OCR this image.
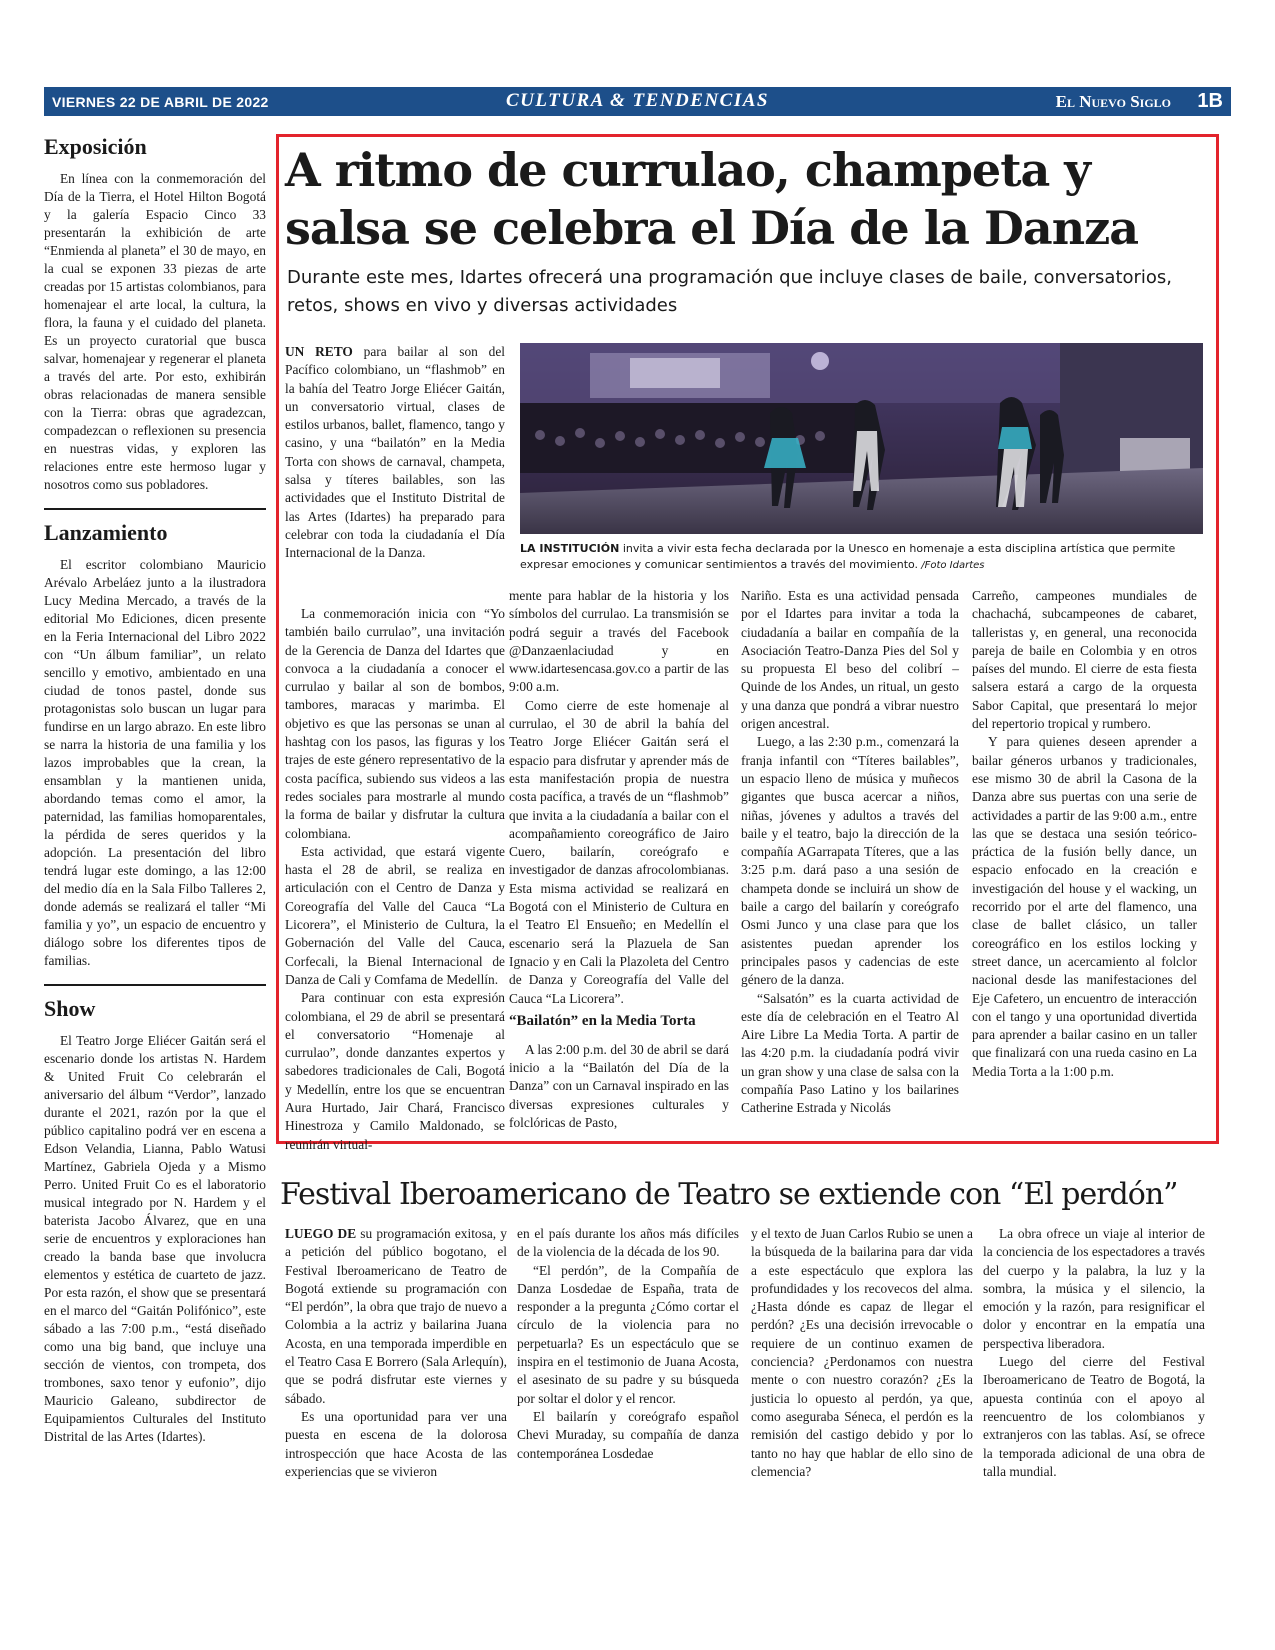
VIERNES 22 DE ABRIL DE 2022	CULTURA & TENDENCIAS	El Nuevo Siglo 1B
Exposición

En línea con la conmemoración del Día de la Tierra, el Hotel Hilton Bogotá y la galería Espacio Cinco 33 presentarán la exhibición de arte “Enmienda al planeta” el 30 de mayo, en la cual se exponen 33 piezas de arte creadas por 15 artistas colombianos, para homenajear el arte local, la cultura, la flora, la fauna y el cuidado del planeta. Es un proyecto curatorial que busca salvar, homenajear y regenerar el planeta a través del arte. Por esto, exhibirán obras relacionadas de manera sensible con la Tierra: obras que agradezcan, compadezcan o reflexionen su presencia en nuestras vidas, y exploren las relaciones entre este hermoso lugar y nosotros como sus pobladores.

Lanzamiento

El escritor colombiano Mauricio Arévalo Arbeláez junto a la ilustradora Lucy Medina Mercado, a través de la editorial Mo Ediciones, dicen presente en la Feria Internacional del Libro 2022 con “Un álbum familiar”, un relato sencillo y emotivo, ambientado en una ciudad de tonos pastel, donde sus protagonistas solo buscan un lugar para fundirse en un largo abrazo. En este libro se narra la historia de una familia y los lazos improbables que la crean, la ensamblan y la mantienen unida, abordando temas como el amor, la paternidad, las familias homoparentales, la pérdida de seres queridos y la adopción. La presentación del libro tendrá lugar este domingo, a las 12:00 del medio día en la Sala Filbo Talleres 2, donde además se realizará el taller “Mi familia y yo”, un espacio de encuentro y diálogo sobre los diferentes tipos de familias.

Show

El Teatro Jorge Eliécer Gaitán será el escenario donde los artistas N. Hardem & United Fruit Co celebrarán el aniversario del álbum “Verdor”, lanzado durante el 2021, razón por la que el público capitalino podrá ver en escena a Edson Velandia, Lianna, Pablo Watusi Martínez, Gabriela Ojeda y a Mismo Perro. United Fruit Co es el laboratorio musical integrado por N. Hardem y el baterista Jacobo Álvarez, que en una serie de encuentros y exploraciones han creado la banda base que involucra elementos y estética de cuarteto de jazz. Por esta razón, el show que se presentará en el marco del “Gaitán Polifónico”, este sábado a las 7:00 p.m., “está diseñado como una big band, que incluye una sección de vientos, con trompeta, dos trombones, saxo tenor y eufonio”, dijo Mauricio Galeano, subdirector de Equipamientos Culturales del Instituto Distrital de las Artes (Idartes).

A ritmo de currulao, champeta y salsa se celebra el Día de la Danza

Durante este mes, Idartes ofrecerá una programación que incluye clases de baile, conversatorios, retos, shows en vivo y diversas actividades

UN RETO para bailar al son del Pacífico colombiano, un “flashmob” en la bahía del Teatro Jorge Eliécer Gaitán, un conversatorio virtual, clases de estilos urbanos, ballet, flamenco, tango y casino, y una “bailatón” en la Media Torta con shows de carnaval, champeta, salsa y títeres bailables, son las actividades que el Instituto Distrital de las Artes (Idartes) ha preparado para celebrar con toda la ciudadanía el Día Internacional de la Danza.

La conmemoración inicia con “Yo también bailo currulao”, una invitación de la Gerencia de Danza del Idartes que convoca a la ciudadanía a conocer el currulao y bailar al son de bombos, tambores, maracas y marimba. El objetivo es que las personas se unan al hashtag con los pasos, las figuras y los trajes de este género representativo de la costa pacífica, subiendo sus videos a las redes sociales para mostrarle al mundo la forma de bailar y disfrutar la cultura colombiana.

Esta actividad, que estará vigente hasta el 28 de abril, se realiza en articulación con el Centro de Danza y Coreografía del Valle del Cauca “La Licorera”, el Ministerio de Cultura, la Gobernación del Valle del Cauca, Corfecali, la Bienal Internacional de Danza de Cali y Comfama de Medellín.

Para continuar con esta expresión colombiana, el 29 de abril se presentará el conversatorio “Homenaje al currulao”, donde danzantes expertos y sabedores tradicionales de Cali, Bogotá y Medellín, entre los que se encuentran Aura Hurtado, Jair Chará, Francisco Hinestroza y Camilo Maldonado, se reunirán virtual-

LA INSTITUCIÓN invita a vivir esta fecha declarada por la Unesco en homenaje a esta disciplina artística que permite expresar emociones y comunicar sentimientos a través del movimiento. /Foto Idartes

mente para hablar de la historia y los símbolos del currulao. La transmisión se podrá seguir a través del Facebook @Danzaenlaciudad y en www.idartesencasa.gov.co a partir de las 9:00 a.m.

Como cierre de este homenaje al currulao, el 30 de abril la bahía del Teatro Jorge Eliécer Gaitán será el espacio para disfrutar y aprender más de esta manifestación propia de nuestra costa pacífica, a través de un “flashmob” que invita a la ciudadanía a bailar con el acompañamiento coreográfico de Jairo Cuero, bailarín, coreógrafo e investigador de danzas afrocolombianas. Esta misma actividad se realizará en Bogotá con el Ministerio de Cultura en el Teatro El Ensueño; en Medellín el escenario será la Plazuela de San Ignacio y en Cali la Plazoleta del Centro de Danza y Coreografía del Valle del Cauca “La Licorera”.

“Bailatón” en la Media Torta

A las 2:00 p.m. del 30 de abril se dará inicio a la “Bailatón del Día de la Danza” con un Carnaval inspirado en las diversas expresiones culturales y folclóricas de Pasto,

Nariño. Esta es una actividad pensada por el Idartes para invitar a toda la ciudadanía a bailar en compañía de la Asociación Teatro-Danza Pies del Sol y su propuesta El beso del colibrí – Quinde de los Andes, un ritual, un gesto y una danza que pondrá a vibrar nuestro origen ancestral.

Luego, a las 2:30 p.m., comenzará la franja infantil con “Títeres bailables”, un espacio lleno de música y muñecos gigantes que busca acercar a niños, niñas, jóvenes y adultos a través del baile y el teatro, bajo la dirección de la compañía AGarrapata Títeres, que a las 3:25 p.m. dará paso a una sesión de champeta donde se incluirá un show de baile a cargo del bailarín y coreógrafo Osmi Junco y una clase para que los asistentes puedan aprender los principales pasos y cadencias de este género de la danza.

“Salsatón” es la cuarta actividad de este día de celebración en el Teatro Al Aire Libre La Media Torta. A partir de las 4:20 p.m. la ciudadanía podrá vivir un gran show y una clase de salsa con la compañía Paso Latino y los bailarines Catherine Estrada y Nicolás

Carreño, campeones mundiales de chachachá, subcampeones de cabaret, talleristas y, en general, una reconocida pareja de baile en Colombia y en otros países del mundo. El cierre de esta fiesta salsera estará a cargo de la orquesta Sabor Capital, que presentará lo mejor del repertorio tropical y rumbero.

Y para quienes deseen aprender a bailar géneros urbanos y tradicionales, ese mismo 30 de abril la Casona de la Danza abre sus puertas con una serie de actividades a partir de las 9:00 a.m., entre las que se destaca una sesión teórico-práctica de la fusión belly dance, un espacio enfocado en la creación e investigación del house y el wacking, un recorrido por el arte del flamenco, una clase de ballet clásico, un taller coreográfico en los estilos locking y street dance, un acercamiento al folclor nacional desde las manifestaciones del Eje Cafetero, un encuentro de interacción con el tango y una oportunidad divertida para aprender a bailar casino en un taller que finalizará con una rueda casino en La Media Torta a la 1:00 p.m.

Festival Iberoamericano de Teatro se extiende con “El perdón”

LUEGO DE su programación exitosa, y a petición del público bogotano, el Festival Iberoamericano de Teatro de Bogotá extiende su programación con “El perdón”, la obra que trajo de nuevo a Colombia a la actriz y bailarina Juana Acosta, en una temporada imperdible en el Teatro Casa E Borrero (Sala Arlequín), que se podrá disfrutar este viernes y sábado.

Es una oportunidad para ver una puesta en escena de la dolorosa introspección que hace Acosta de las experiencias que se vivieron

en el país durante los años más difíciles de la violencia de la década de los 90.

“El perdón”, de la Compañía de Danza Losdedae de España, trata de responder a la pregunta ¿Cómo cortar el círculo de la violencia para no perpetuarla? Es un espectáculo que se inspira en el testimonio de Juana Acosta, el asesinato de su padre y su búsqueda por soltar el dolor y el rencor.

El bailarín y coreógrafo español Chevi Muraday, su compañía de danza contemporánea Losdedae

y el texto de Juan Carlos Rubio se unen a la búsqueda de la bailarina para dar vida a este espectáculo que explora las profundidades y los recovecos del alma. ¿Hasta dónde es capaz de llegar el perdón? ¿Es una decisión irrevocable o requiere de un continuo examen de conciencia? ¿Perdonamos con nuestra mente o con nuestro corazón? ¿Es la justicia lo opuesto al perdón, ya que, como aseguraba Séneca, el perdón es la remisión del castigo debido y por lo tanto no hay que hablar de ello sino de clemencia?

La obra ofrece un viaje al interior de la conciencia de los espectadores a través del cuerpo y la palabra, la luz y la sombra, la música y el silencio, la emoción y la razón, para resignificar el dolor y encontrar en la empatía una perspectiva liberadora.

Luego del cierre del Festival Iberoamericano de Teatro de Bogotá, la apuesta continúa con el apoyo al reencuentro de los colombianos y extranjeros con las tablas. Así, se ofrece la temporada adicional de una obra de talla mundial.
